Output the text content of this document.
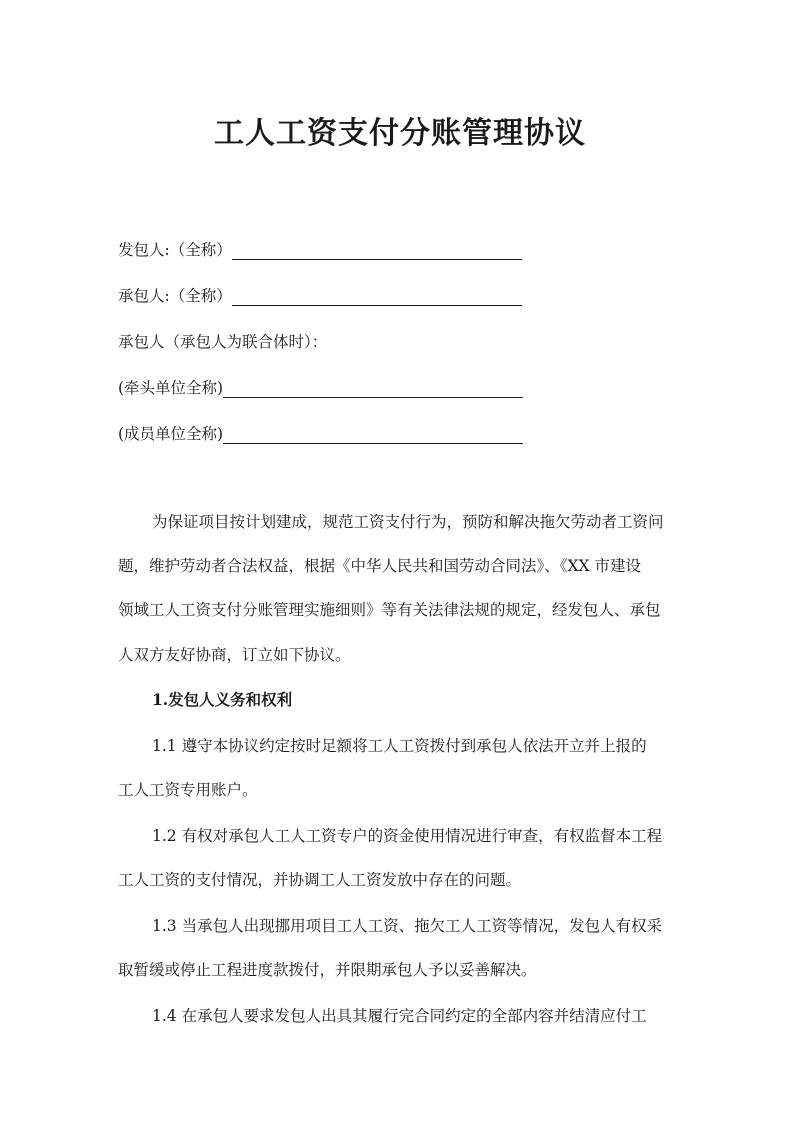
工人工资支付分账管理协议
发包人:（全称）
承包人:（全称）
承包人（承包人为联合体时）：
(牵头单位全称)
(成员单位全称)
为保证项目按计划建成，规范工资支付行为，预防和解决拖欠劳动者工资问
题，维护劳动者合法权益，根据《中华人民共和国劳动合同法》、《XX 市建设
领域工人工资支付分账管理实施细则》等有关法律法规的规定，经发包人、承包
人双方友好协商，订立如下协议。
1.发包人义务和权利
1.1 遵守本协议约定按时足额将工人工资拨付到承包人依法开立并上报的
工人工资专用账户。
1.2 有权对承包人工人工资专户的资金使用情况进行审查，有权监督本工程
工人工资的支付情况，并协调工人工资发放中存在的问题。
1.3 当承包人出现挪用项目工人工资、拖欠工人工资等情况，发包人有权采
取暂缓或停止工程进度款拨付，并限期承包人予以妥善解决。
1.4 在承包人要求发包人出具其履行完合同约定的全部内容并结清应付工
